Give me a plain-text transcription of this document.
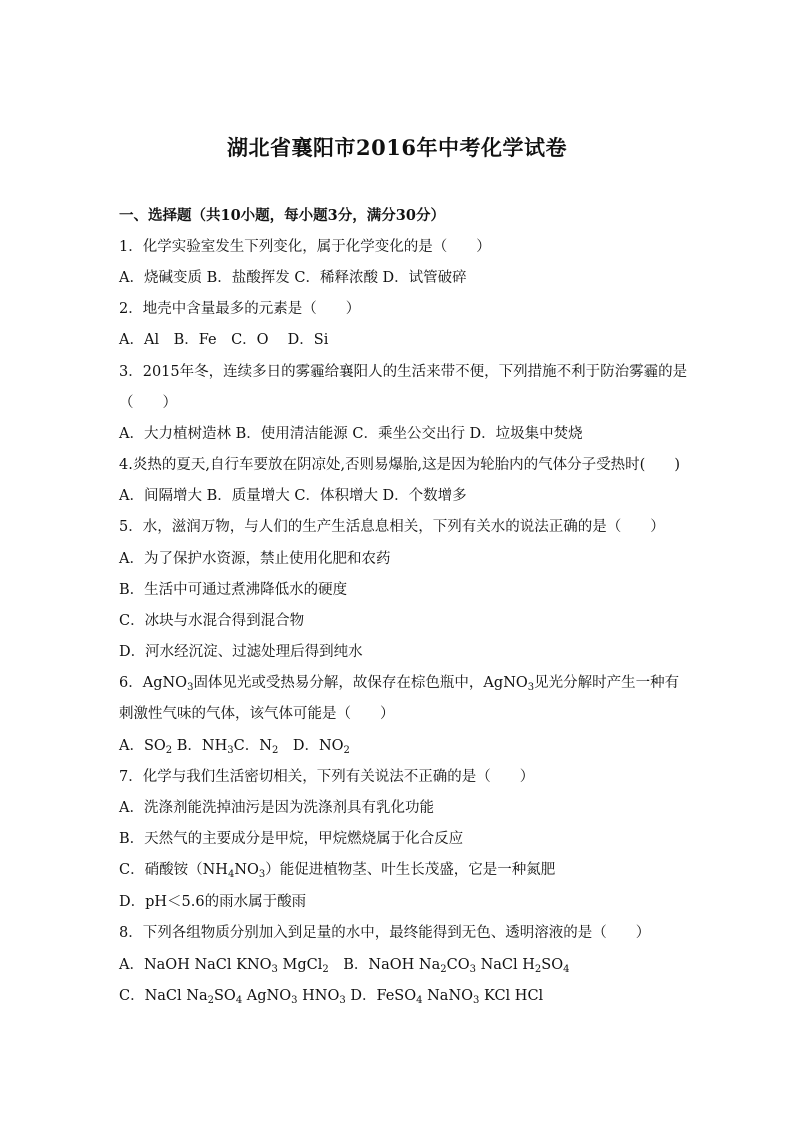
湖北省襄阳市2016年中考化学试卷
一、选择题（共10小题，每小题3分，满分30分）
1．化学实验室发生下列变化，属于化学变化的是（　　）
A．烧碱变质 B．盐酸挥发 C．稀释浓酸 D．试管破碎
2．地壳中含量最多的元素是（　　）
A．Al　B．Fe　C．O　 D．Si
3．2015年冬，连续多日的雾霾给襄阳人的生活来带不便，下列措施不利于防治雾霾的是
（　　）
A．大力植树造林 B．使用清洁能源 C．乘坐公交出行 D．垃圾集中焚烧
4.炎热的夏天,自行车要放在阴凉处,否则易爆胎,这是因为轮胎内的气体分子受热时(　　)
A．间隔增大 B．质量增大 C．体积增大 D．个数增多
5．水，滋润万物，与人们的生产生活息息相关，下列有关水的说法正确的是（　　）
A．为了保护水资源，禁止使用化肥和农药
B．生活中可通过煮沸降低水的硬度
C．冰块与水混合得到混合物
D．河水经沉淀、过滤处理后得到纯水
6．AgNO$_3$固体见光或受热易分解，故保存在棕色瓶中，AgNO$_3$见光分解时产生一种有
刺激性气味的气体，该气体可能是（　　）
A．$SO_2$ B．$NH_3C$．$N_2$　D．$NO_2$
7．化学与我们生活密切相关，下列有关说法不正确的是（　　）
A．洗涤剂能洗掉油污是因为洗涤剂具有乳化功能
B．天然气的主要成分是甲烷，甲烷燃烧属于化合反应
C．硝酸铵$(NH_4NO_3)$能促进植物茎、叶生长茂盛，它是一种氮肥
D．pH＜5.6的雨水属于酸雨
8．下列各组物质分别加入到足量的水中，最终能得到无色、透明溶液的是（　　）
A．NaOH NaCl $KNO_3$ MgCl$_2$　B．NaOH $Na_2CO_3$ NaCl $H_2SO_4$
C．NaCl $Na_2SO_4$ AgNO$_3$ $HNO_3$ D．FeSO$_4$ NaNO$_3$ KCl HCl
